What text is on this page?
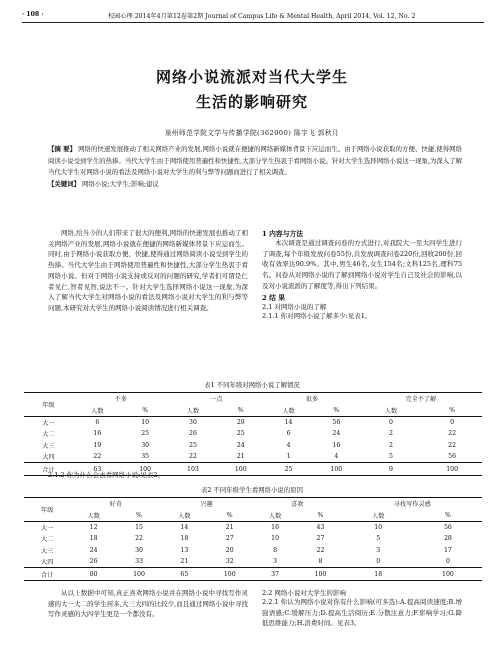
· 108 ·	校园心理 2014年4月第12卷第2期 Journal of Campus Life & Mental Health, April 2014, Vol. 12, No. 2
网络小说流派对当代大学生
生活的影响研究
泉州师范学院文学与传播学院(362000) 陈宇飞 郭秋月
【摘 要】 网络的快速发展推动了相关网络产业的发展,网络小说就在便捷的网络新媒体背景下应运而生。由于网络小说获取的方便、快捷,使得网络阅读小说受到学生的热捧。当代大学生由于网络使用普遍性和快捷性,大部分学生热衷于看网络小说。针对大学生选择网络小说这一现象,为深入了解当代大学生对网络小说的看法及网络小说对大学生的利与弊等问题而进行了相关调查。
【关键词】 网络小说;大学生;影响;建议
网络,给当今的人们带来了很大的便利,网络的快速发展也推动了相关网络产业的发展,网络小说就在便捷的网络新媒体背景下应运而生。同时,由于网络小说获取方便、快捷,使得通过网络阅读小说受到学生的热捧。当代大学生由于网络使用普遍性和快捷性,大部分学生热衷于看网络小说。但对于网络小说支持或反对的问题的研究,学者们可谓是仁者见仁,智者见智,说法不一。针对大学生选择网络小说这一现象,为深入了解当代大学生对网络小说的看法及网络小说对大学生的利与弊等问题,本研究对大学生的网络小说阅读情况进行相关调查。
1 内容与方法
本次调查是通过调查问卷的方式进行,对我院大一至大四学生进行了调查,每个年级发放问卷55份,共发放调查问卷220份,回收200份,回收有效率达90.9%。其中,男生46名,女生154名;文科125名,理科75名。问卷从对网络小说的了解到网络小说对学生自己及社会的影响,以及对小说流派的了解度等,得出下列结果。
2 结 果
2.1 对网络小说的了解
2.1.1 你对网络小说了解多少:见表1。
表1 不同年级对网络小说了解情况
年级	不多		一点		很多		完全不了解	
	人数	%	人数	%	人数	%	人数	%
大一	6	10	30	29	14	56	0	0
大二	16	25	26	25	6	24	2	22
大三	19	30	25	24	4	16	2	22
大四	22	35	22	21	1	4	5	56
合计	63	100	103	100	25	100	9	100
2.1.2 你为什么会去看网络小说:见表2。
表2 不同年级学生看网络小说的原因
年级	好奇		兴趣		喜欢		寻找写作灵感	
	人数	%	人数	%	人数	%	人数	%
大一	12	15	14	21	16	43	10	56
大二	18	22	18	27	10	27	5	28
大三	24	30	13	20	8	22	3	17
大四	26	33	21	32	3	8	0	0
合计	80	100	65	100	37	100	18	100
从以上数据中可知,真正喜欢网络小说并在网络小说中寻找写作灵感的大一大二的学生居多,大三大四的比较少,而且通过网络小说中寻找写作灵感的大四学生更是一个都没有。
2.2 网络小说对大学生的影响
2.2.1 你认为网络小说对你有什么影响(可多选):A.提高阅读速度;B.增强语感;C.缓解压力;D.提高生活阅历;E.分散注意力;F.影响学习;G.降低思维能力;H.浪费时间。见表3。
